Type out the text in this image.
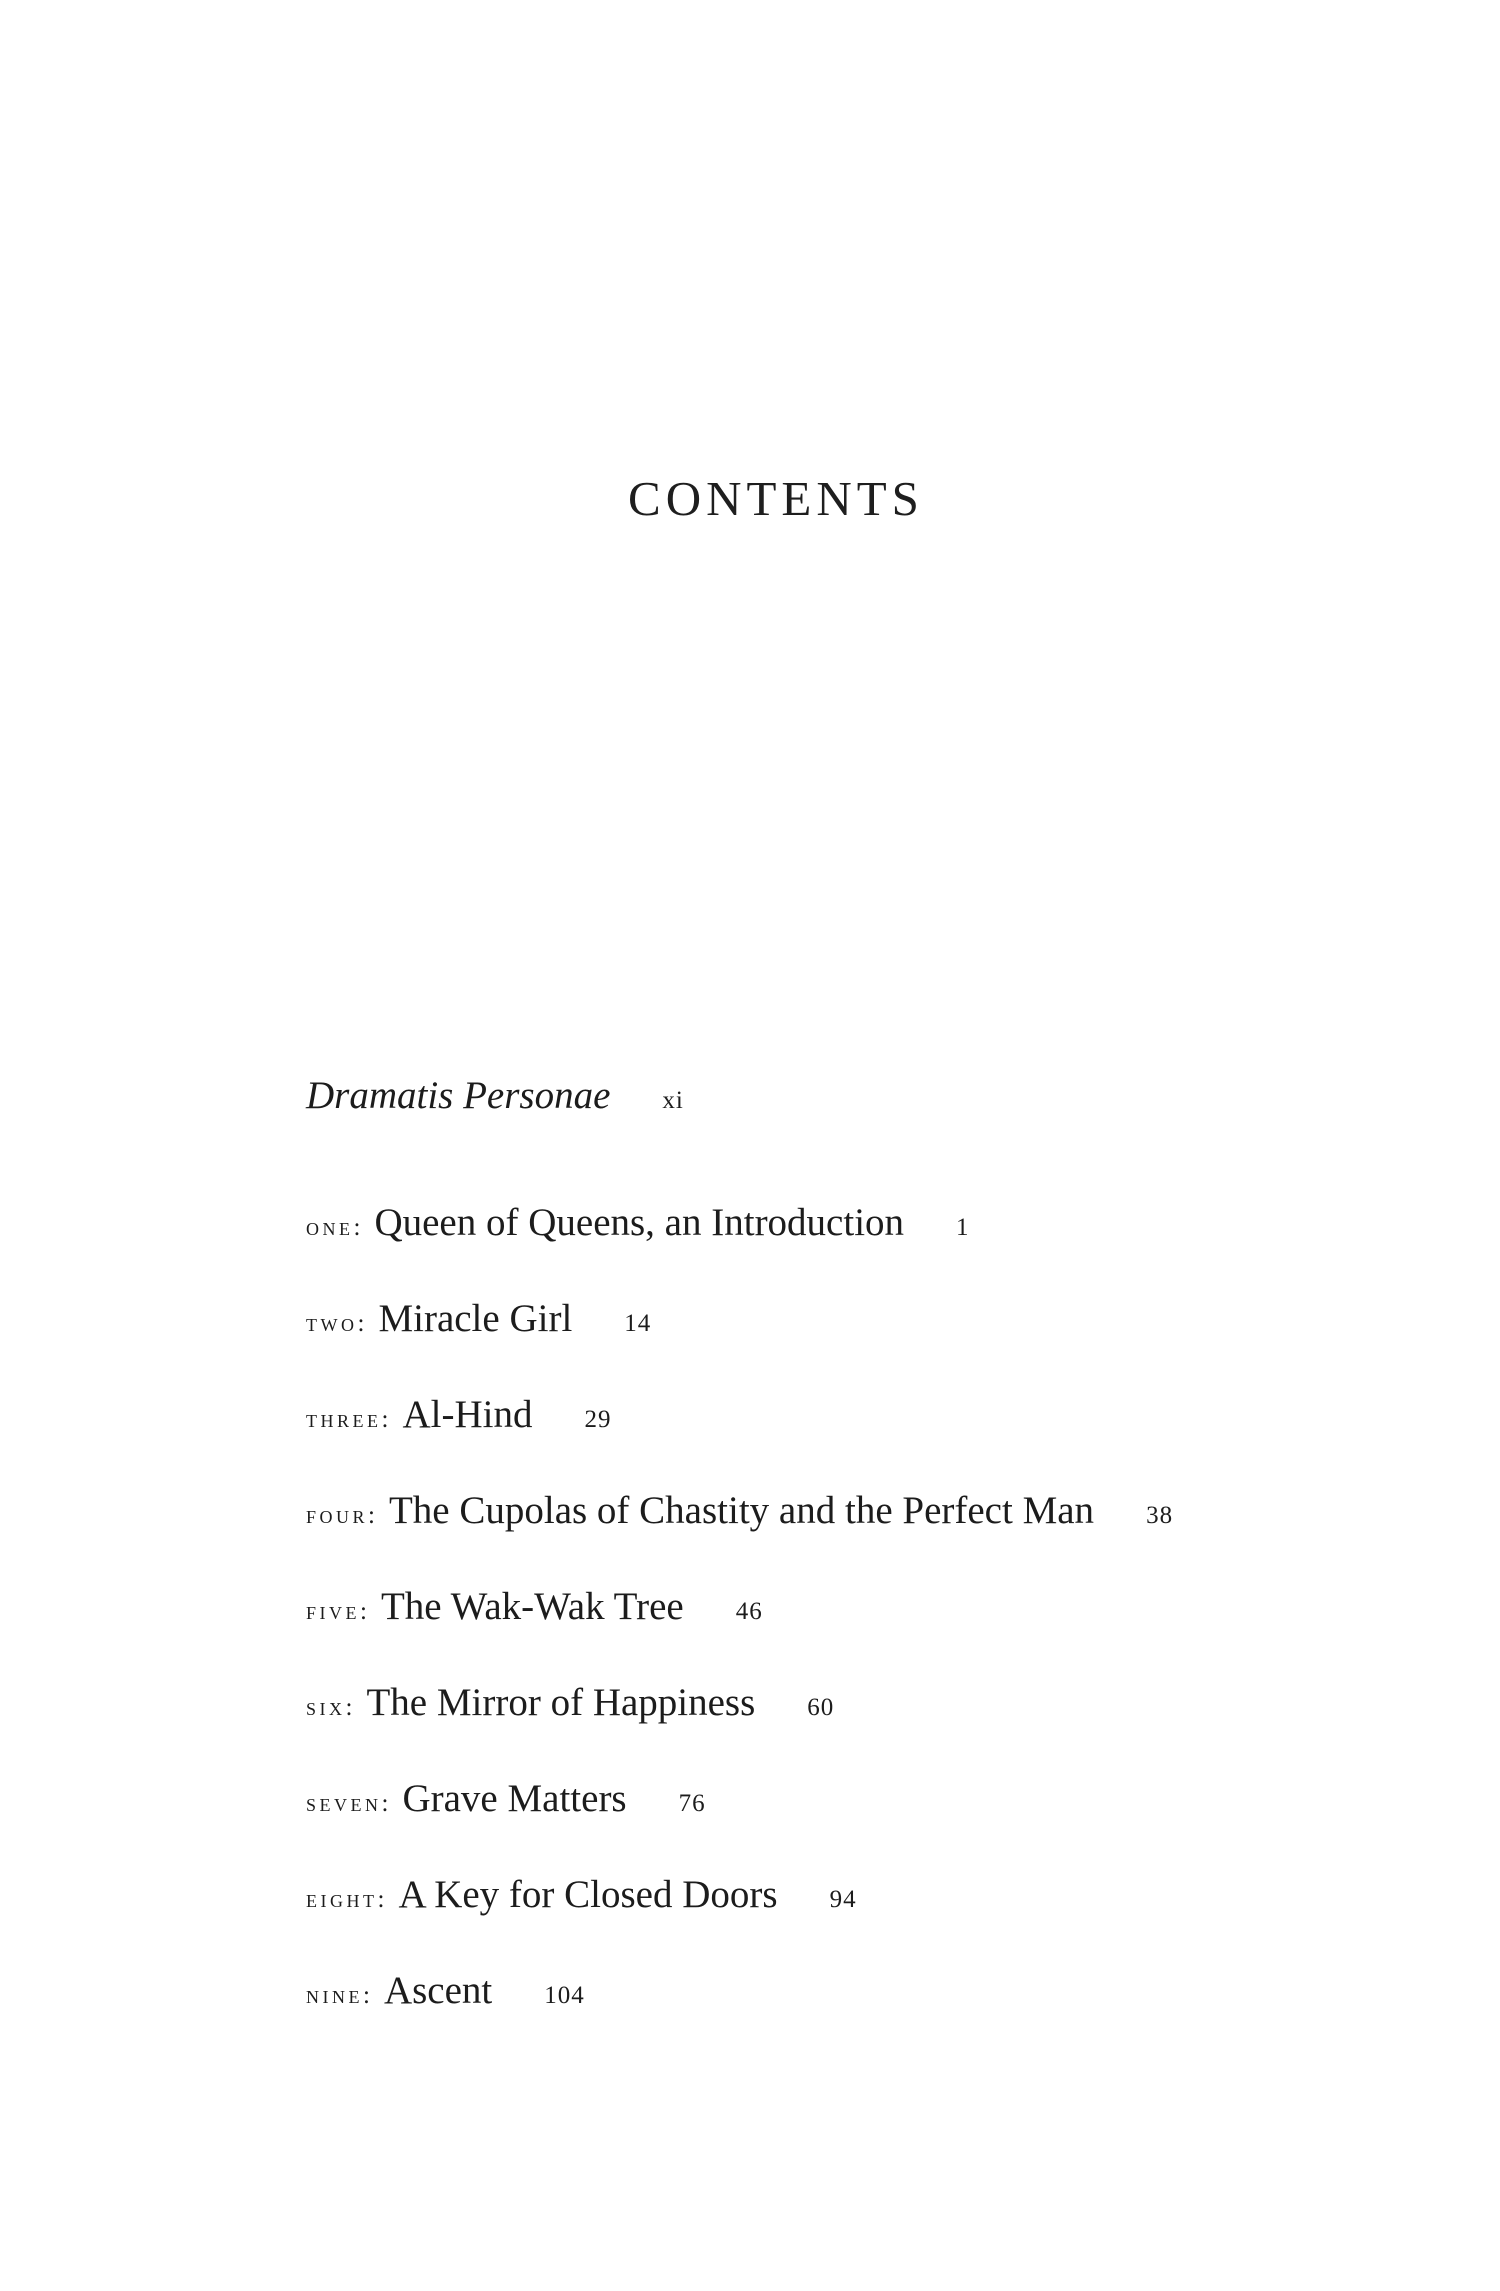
CONTENTS
Dramatis Personae xi
one : Queen of Queens, an Introduction 1
two : Miracle Girl 14
three : Al-Hind 29
four : The Cupolas of Chastity and the Perfect Man 38
five : The Wak-Wak Tree 46
six : The Mirror of Happiness 60
seven : Grave Matters 76
eight : A Key for Closed Doors 94
nine : Ascent 104
